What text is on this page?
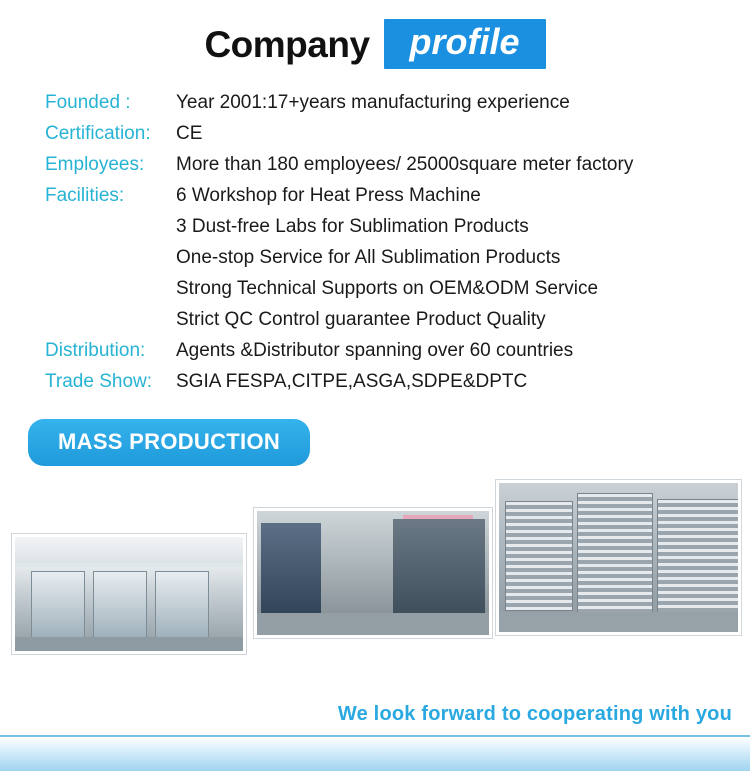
Company	profile
Founded :	Year 2001:17+years manufacturing experience
Certification:	CE
Employees:	More than 180 employees/ 25000square meter factory
Facilities:	6 Workshop for Heat Press Machine
3 Dust-free Labs for Sublimation Products
One-stop Service for All Sublimation Products
Strong Technical Supports on OEM&ODM Service
Strict QC Control guarantee Product Quality
Distribution:	Agents &Distributor spanning over 60 countries
Trade Show:	SGIA FESPA,CITPE,ASGA,SDPE&DPTC
MASS PRODUCTION
We look forward to cooperating with you
